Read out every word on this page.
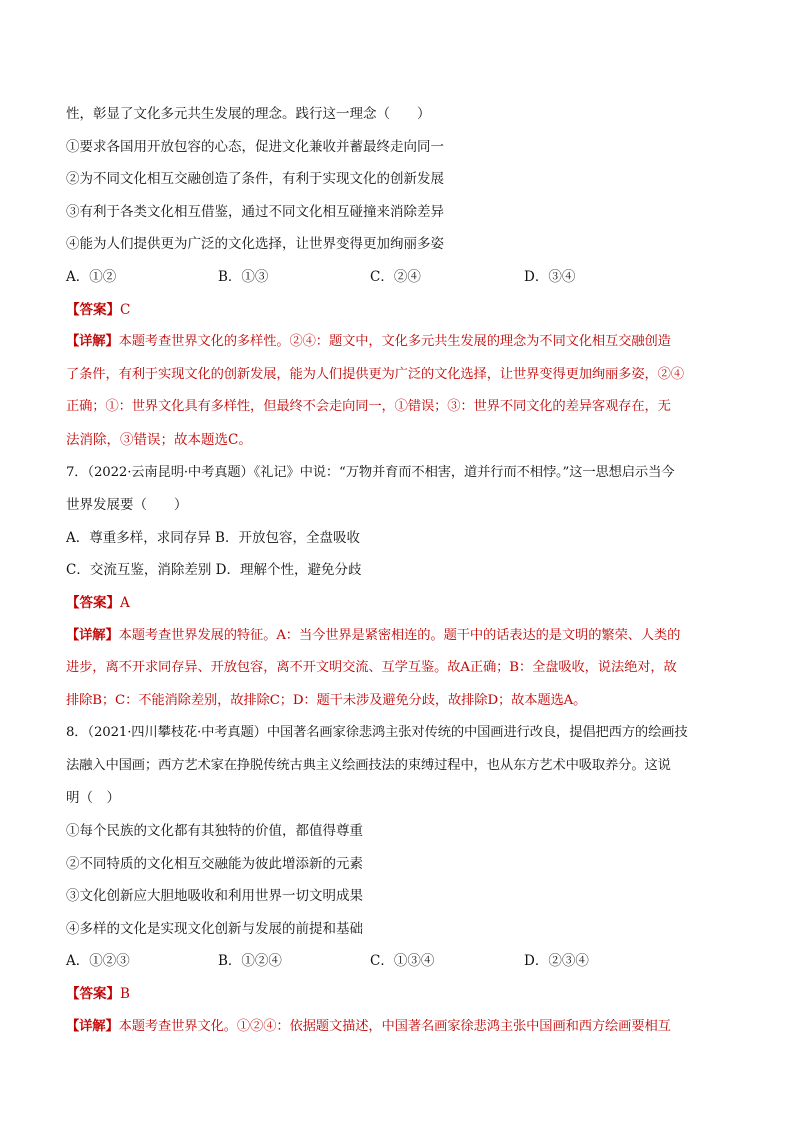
性，彰显了文化多元共生发展的理念。践行这一理念（　　）
①要求各国用开放包容的心态，促进文化兼收并蓄最终走向同一
②为不同文化相互交融创造了条件，有利于实现文化的创新发展
③有利于各类文化相互借鉴，通过不同文化相互碰撞来消除差异
④能为人们提供更为广泛的文化选择，让世界变得更加绚丽多姿
A．①②	B．①③	C．②④	D．③④
【答案】C
【详解】本题考查世界文化的多样性。②④：题文中，文化多元共生发展的理念为不同文化相互交融创造
了条件，有利于实现文化的创新发展，能为人们提供更为广泛的文化选择，让世界变得更加绚丽多姿，②④
正确；①：世界文化具有多样性，但最终不会走向同一，①错误；③：世界不同文化的差异客观存在，无
法消除，③错误；故本题选C。
7．（2022·云南昆明·中考真题）《礼记》中说：“万物并育而不相害，道并行而不相悖。”这一思想启示当今
世界发展要（　　）
A．尊重多样，求同存异 B．开放包容，全盘吸收
C．交流互鉴，消除差别 D．理解个性，避免分歧
【答案】A
【详解】本题考查世界发展的特征。A：当今世界是紧密相连的。题干中的话表达的是文明的繁荣、人类的
进步，离不开求同存异、开放包容，离不开文明交流、互学互鉴。故A正确；B：全盘吸收，说法绝对，故
排除B；C：不能消除差别，故排除C；D：题干未涉及避免分歧，故排除D；故本题选A。
8．（2021·四川攀枝花·中考真题）中国著名画家徐悲鸿主张对传统的中国画进行改良，提倡把西方的绘画技
法融入中国画；西方艺术家在挣脱传统古典主义绘画技法的束缚过程中，也从东方艺术中吸取养分。这说
明（　）
①每个民族的文化都有其独特的价值，都值得尊重
②不同特质的文化相互交融能为彼此增添新的元素
③文化创新应大胆地吸收和利用世界一切文明成果
④多样的文化是实现文化创新与发展的前提和基础
A．①②③	B．①②④	C．①③④	D．②③④
【答案】B
【详解】本题考查世界文化。①②④：依据题文描述，中国著名画家徐悲鸿主张中国画和西方绘画要相互
